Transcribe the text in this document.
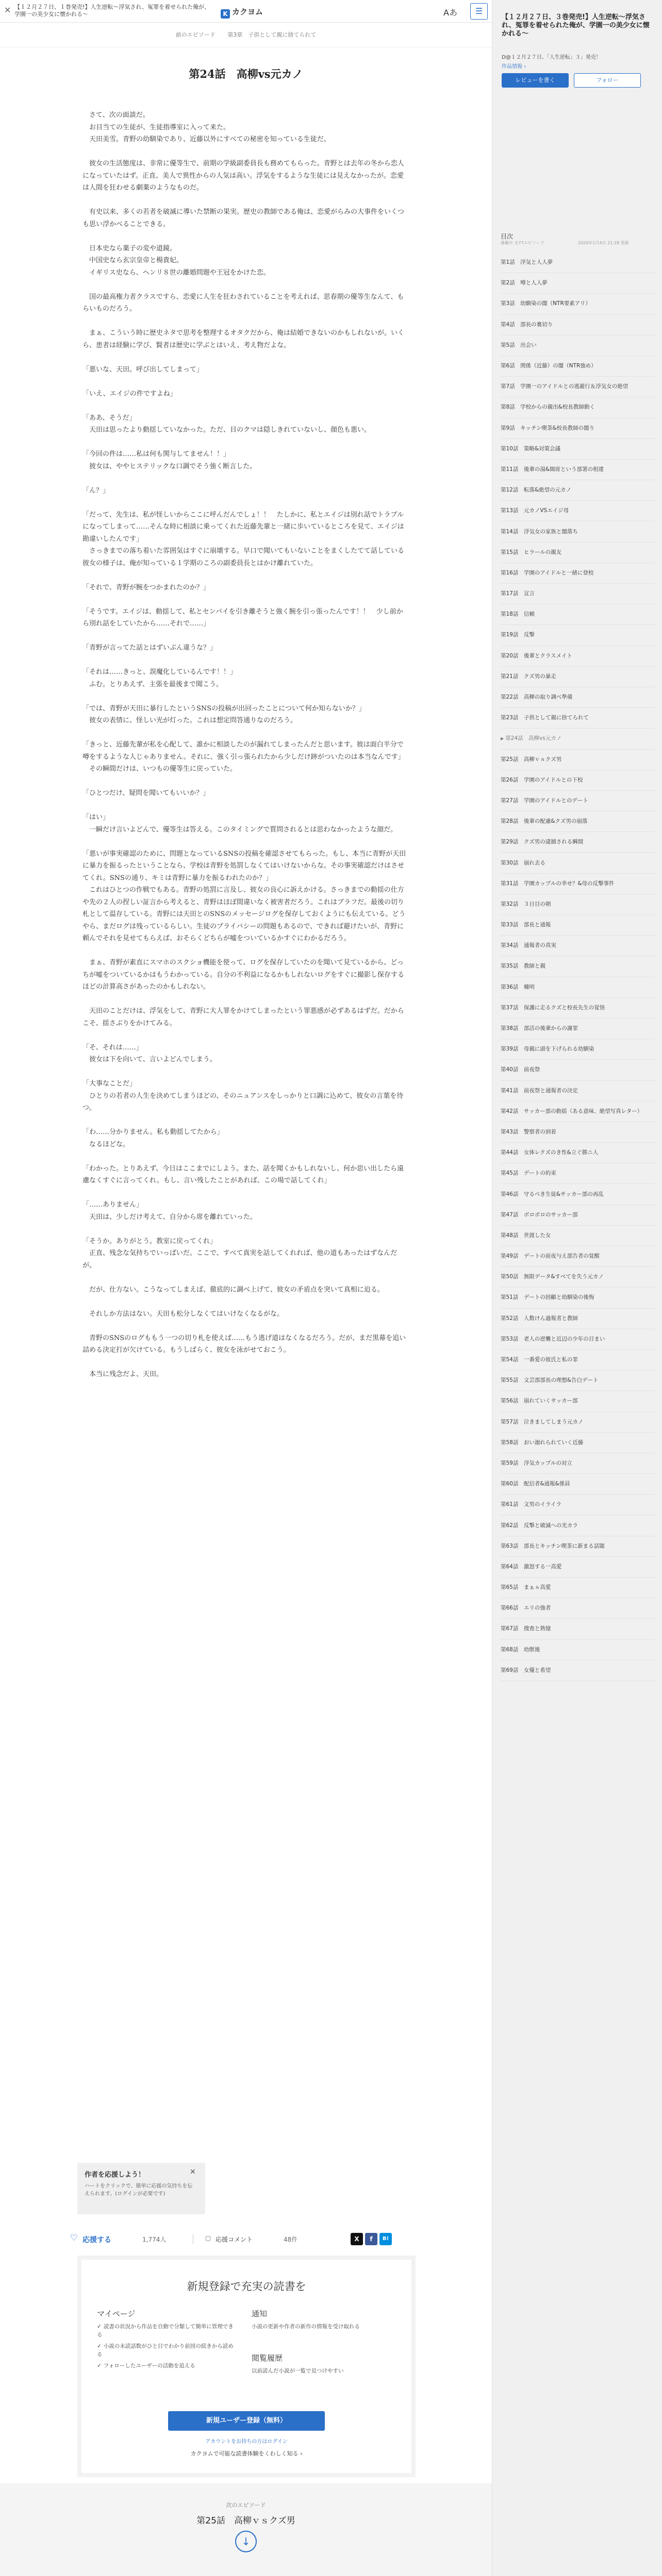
✕ 【１２月２７日、１巻発売!】人生逆転〜浮気され、冤罪を着せられた俺が、学園一の美少女に懐かれる〜	K カクヨム	Aあ	☰
前のエピソード 第3章　子供として親に捨てられて
第24話　高柳vs元カノ

　さて、次の面談だ。

　お目当ての生徒が、生徒指導室に入って来た。

　天田美雪。青野の幼馴染であり、近藤以外にすべての秘密を知っている生徒だ。

　彼女の生活態度は、非常に優等生で、前期の学級副委員長も務めてもらった。青野とは去年の冬から恋人になっていたはず。正直、美人で異性からの人気は高い。浮気をするような生徒には見えなかったが。恋愛は人間を狂わせる劇薬のようなものだ。

　有史以来、多くの若者を破滅に導いた禁断の果実。歴史の教師である俺は、恋愛がらみの大事件をいくつも思い浮かべることできる。

　日本史なら薬子の変や道鏡。

　中国史なら玄宗皇帝と楊貴妃。

　イギリス史なら、ヘンリ８世の離婚問題や王冠をかけた恋。

　国の最高権力者クラスですら、恋愛に人生を狂わされていることを考えれば、思春期の優等生なんて、もらいものだろう。

　まぁ、こういう時に歴史ネタで思考を整理するオタクだから、俺は結婚できないのかもしれないが。いくら、患者は経験に学び、賢者は歴史に学ぶとはいえ、考え物だよな。

「悪いな、天田。呼び出してしまって」

「いえ、エイジの件ですよね」

「ああ、そうだ」

　天田は思ったより動揺していなかった。ただ、目のクマは隠しきれていないし、顔色も悪い。

「今回の件は……私は何も関与してません！！」

　彼女は、ややヒステリックな口調でそう強く断言した。

「ん？」

「だって、先生は、私が怪しいからここに呼んだんでしょ！！　たしかに、私とエイジは別れ話でトラブルになってしまって……そんな時に相談に乗ってくれた近藤先輩と一緒に歩いているところを見て、エイジは勘違いしたんです」

　さっきまでの落ち着いた雰囲気はすぐに崩壊する。早口で聞いてもいないことをまくしたてて話している彼女の様子は、俺が知っている１学期のころの副委員長とはかけ離れていた。

「それで、青野が腕をつかまれたのか？」

「そうです。エイジは、動揺して、私とセンパイを引き離そうと強く腕を引っ張ったんです！！　少し前から別れ話をしていたから……それで……」

「青野が言ってた話とはずいぶん違うな？」

「それは……きっと、誤魔化しているんです！！」

　ふむ。とりあえず、主張を最後まで聞こう。

「では、青野が天田に暴行したというSNSの投稿が出回ったことについて何か知らないか？」

　彼女の表情に、怪しい光が灯った。これは想定問答通りなのだろう。

「きっと、近藤先輩が私を心配して、誰かに相談したのが漏れてしまったんだと思います。彼は面白半分で噂をするような人じゃありません。それに、強く引っ張られたから少しだけ跡がついたのは本当なんです」

　その瞬間だけは、いつもの優等生に戻っていた。

「ひとつだけ、疑問を聞いてもいいか？」

「はい」

　一瞬だけ言いよどんで、優等生は答える。このタイミングで質問されるとは思わなかったような顔だ。

「悪いが事実確認のために、問題となっているSNSの投稿を確認させてもらった。もし、本当に青野が天田に暴力を振るったということなら、学校は青野を処罰しなくてはいけないからな。その事実確認だけはさせてくれ。SNSの通り、キミは青野に暴力を振るわれたのか？」

　これはひとつの作戦でもある。青野の処罰に言及し、彼女の良心に訴えかける。さっきまでの動揺の仕方や先の２人の捏しい証言から考えると、青野はほぼ間違いなく被害者だろう。これはブラフだ。最後の切り札として温存している。青野には天田とのSNSのメッセージログを保存しておくようにも伝えている。どうやら、まだログは残っているらしい。生徒のプライバシーの問題もあるので、できれば避けたいが、青野に頼んでそれを見せてもらえば、おそらくどちらが嘘をついているかすぐにわかるだろう。

　まぁ、青野が素直にスマホのスクショ機能を使って、ログを保存していたのを聞いて見ているから、どっちが嘘をついているかはもうわかっている。自分の不利益になるかもしれないログをすぐに撮影し保存するほどの計算高さがあったのかもしれない。

　天田のことだけは、浮気をして、青野に大人罪をかけてしまったという罪悪感が必ずあるはずだ。だからこそ、揺さぶりをかけてみる。

「そ、それは……」

　彼女は下を向いて、言いよどんでしまう。

「大事なことだ」

　ひとりの若者の人生を決めてしまうほどの、そのニュアンスをしっかりと口調に込めて、彼女の言葉を待つ。

「わ……分かりません。私も動揺してたから」

　なるほどな。

「わかった。とりあえず、今日はここまでにしよう。また、話を聞くかもしれないし、何か思い出したら遠慮なくすぐに言ってくれ。もし、言い残したことがあれば、この場で話してくれ」

「……ありません」

　天田は、少しだけ考えて、自分から席を離れていった。

「そうか。ありがとう。教室に戻ってくれ」

　正直、残念な気持ちでいっぱいだ。ここで、すべて真実を話してくれれば、他の道もあったはずなんだが。

　だが、仕方ない。こうなってしまえば、徹底的に調べ上げて、彼女の矛盾点を突いて真相に迫る。

　それしか方法はない。天田も松分しなくてはいけなくなるがな。

　青野のSNSのログももう一つの切り札を使えば……もう逃げ道はなくなるだろう。だが、まだ黒幕を追い詰める決定打が欠けている。もうしばらく、彼女を泳がせておこう。

　本当に残念だよ、天田。

作者を応援しよう！	✕
ハートをクリックで、簡単に応援の気持ちを伝えられます。(ログインが必要です)
♡ 応援する	1,774人	▢ 応援コメント	48件	X	f	B!
新規登録で充実の読書を
マイページ
✓ 読書の状況から作品を自動で分類して簡単に管理できる
✓ 小説の未読話数がひと目でわかり前回の続きから読める
✓ フォローしたユーザーの活動を追える
通知
小説の更新や作者の新作の情報を受け取れる
閲覧履歴
以前読んだ小説が一覧で見つけやすい
新規ユーザー登録（無料）
アカウントをお持ちの方はログイン
カクヨムで可能な読書体験をくわしく知る ›
次のエピソード
第25話　高柳ｖｓクズ男
↓
【１２月２７日、３巻発売!】人生逆転〜浮気され、冤罪を着せられた俺が、学園一の美少女に懐かれる〜
D@１２月２７日、「人生逆転」３」発売！
作品情報 ›
レビューを書く	フォロー
目次
連載中 全77エピソード	2020年1月4日 21:28 更新
第1話　浮気と人人夢
第2話　噂と人人夢
第3話　幼馴染の闇（NTR要素アリ）
第4話　部長の裏切り
第5話　出会い
第6話　関係（近藤）の闇（NTR強め）
第7話　学園一のアイドルとの逃避行＆浮気女の絶望
第8話　学校からの親出&校長教師動く
第9話　キッチン喫茶&校長教師の闇り
第10話　策略&対策会議
第11話　後輩の湯&開席という部署の相違
第12話　転落&絶望の元カノ
第13話　元カノVSエイジ母
第14話　浮気女の家族と闇落ち
第15話　ヒラールの親友
第16話　学園のアイドルと一緒に登校
第17話　宣言
第18話　信頼
第19話　反撃
第20話　後輩とクラスメイト
第21話　クズ男の暴走
第22話　高柳の取り調べ準備
第23話　子供として親に捨てられて
▶ 第24話　高柳vs元カノ
第25話　高柳ｖｓクズ男
第26話　学園のアイドルとの下校
第27話　学園のアイドルとのデート
第28話　後輩の配慮&クズ男の崩落
第29話　クズ男の逮捕される瞬間
第30話　崩れ去る
第31話　学園カップルの幸せ？&母の反撃事件
第32話　３日目の朝
第33話　部長と通報
第34話　通報者の真実
第35話　教師と親
第36話　種明
第37話　保護に走るクズと校長先生の覚悟
第38話　部活の後輩からの謝罪
第39話　母親に頭を下げられる幼馴染
第40話　前夜祭
第41話　前夜祭と通報者の決定
第42話　サッカー部の動揺（ある意味、絶望写真レター）
第43話　警察者の到着
第44話　女体レクズのき性&立ぐ勝ニ人
第45話　デートの約束
第46話　守るべき生徒&サッカー部の再乱
第47話　ボロボロのサッカー部
第48話　世渡した女
第49話　デートの前夜与え部告者の覚醒
第50話　無限データ&すべてを失う元カノ
第51話　デートの回顧と幼馴染の後悔
第52話　人数けん過報者と教師
第53話　老人の逆襲と近辺の少年の目まい
第54話　一番愛の彼氏と私の罪
第55話　文芸部部長の理想&告白デート
第56話　崩れていくサッカー部
第57話　泣きましてしまう元カノ
第58話　おい溺れられていく近藤
第59話　浮気カップルの対立
第60話　配信者&通報&係員
第61話　文男のイライラ
第62話　反撃と破滅への光カラ
第63話　部長とキッチン喫茶に新まる話題
第64話　激怒する一高愛
第65話　まぁｓ高愛
第66話　エリの強者
第67話　捜査と熟憶
第68話　幼獣後
第69話　女優と希望
